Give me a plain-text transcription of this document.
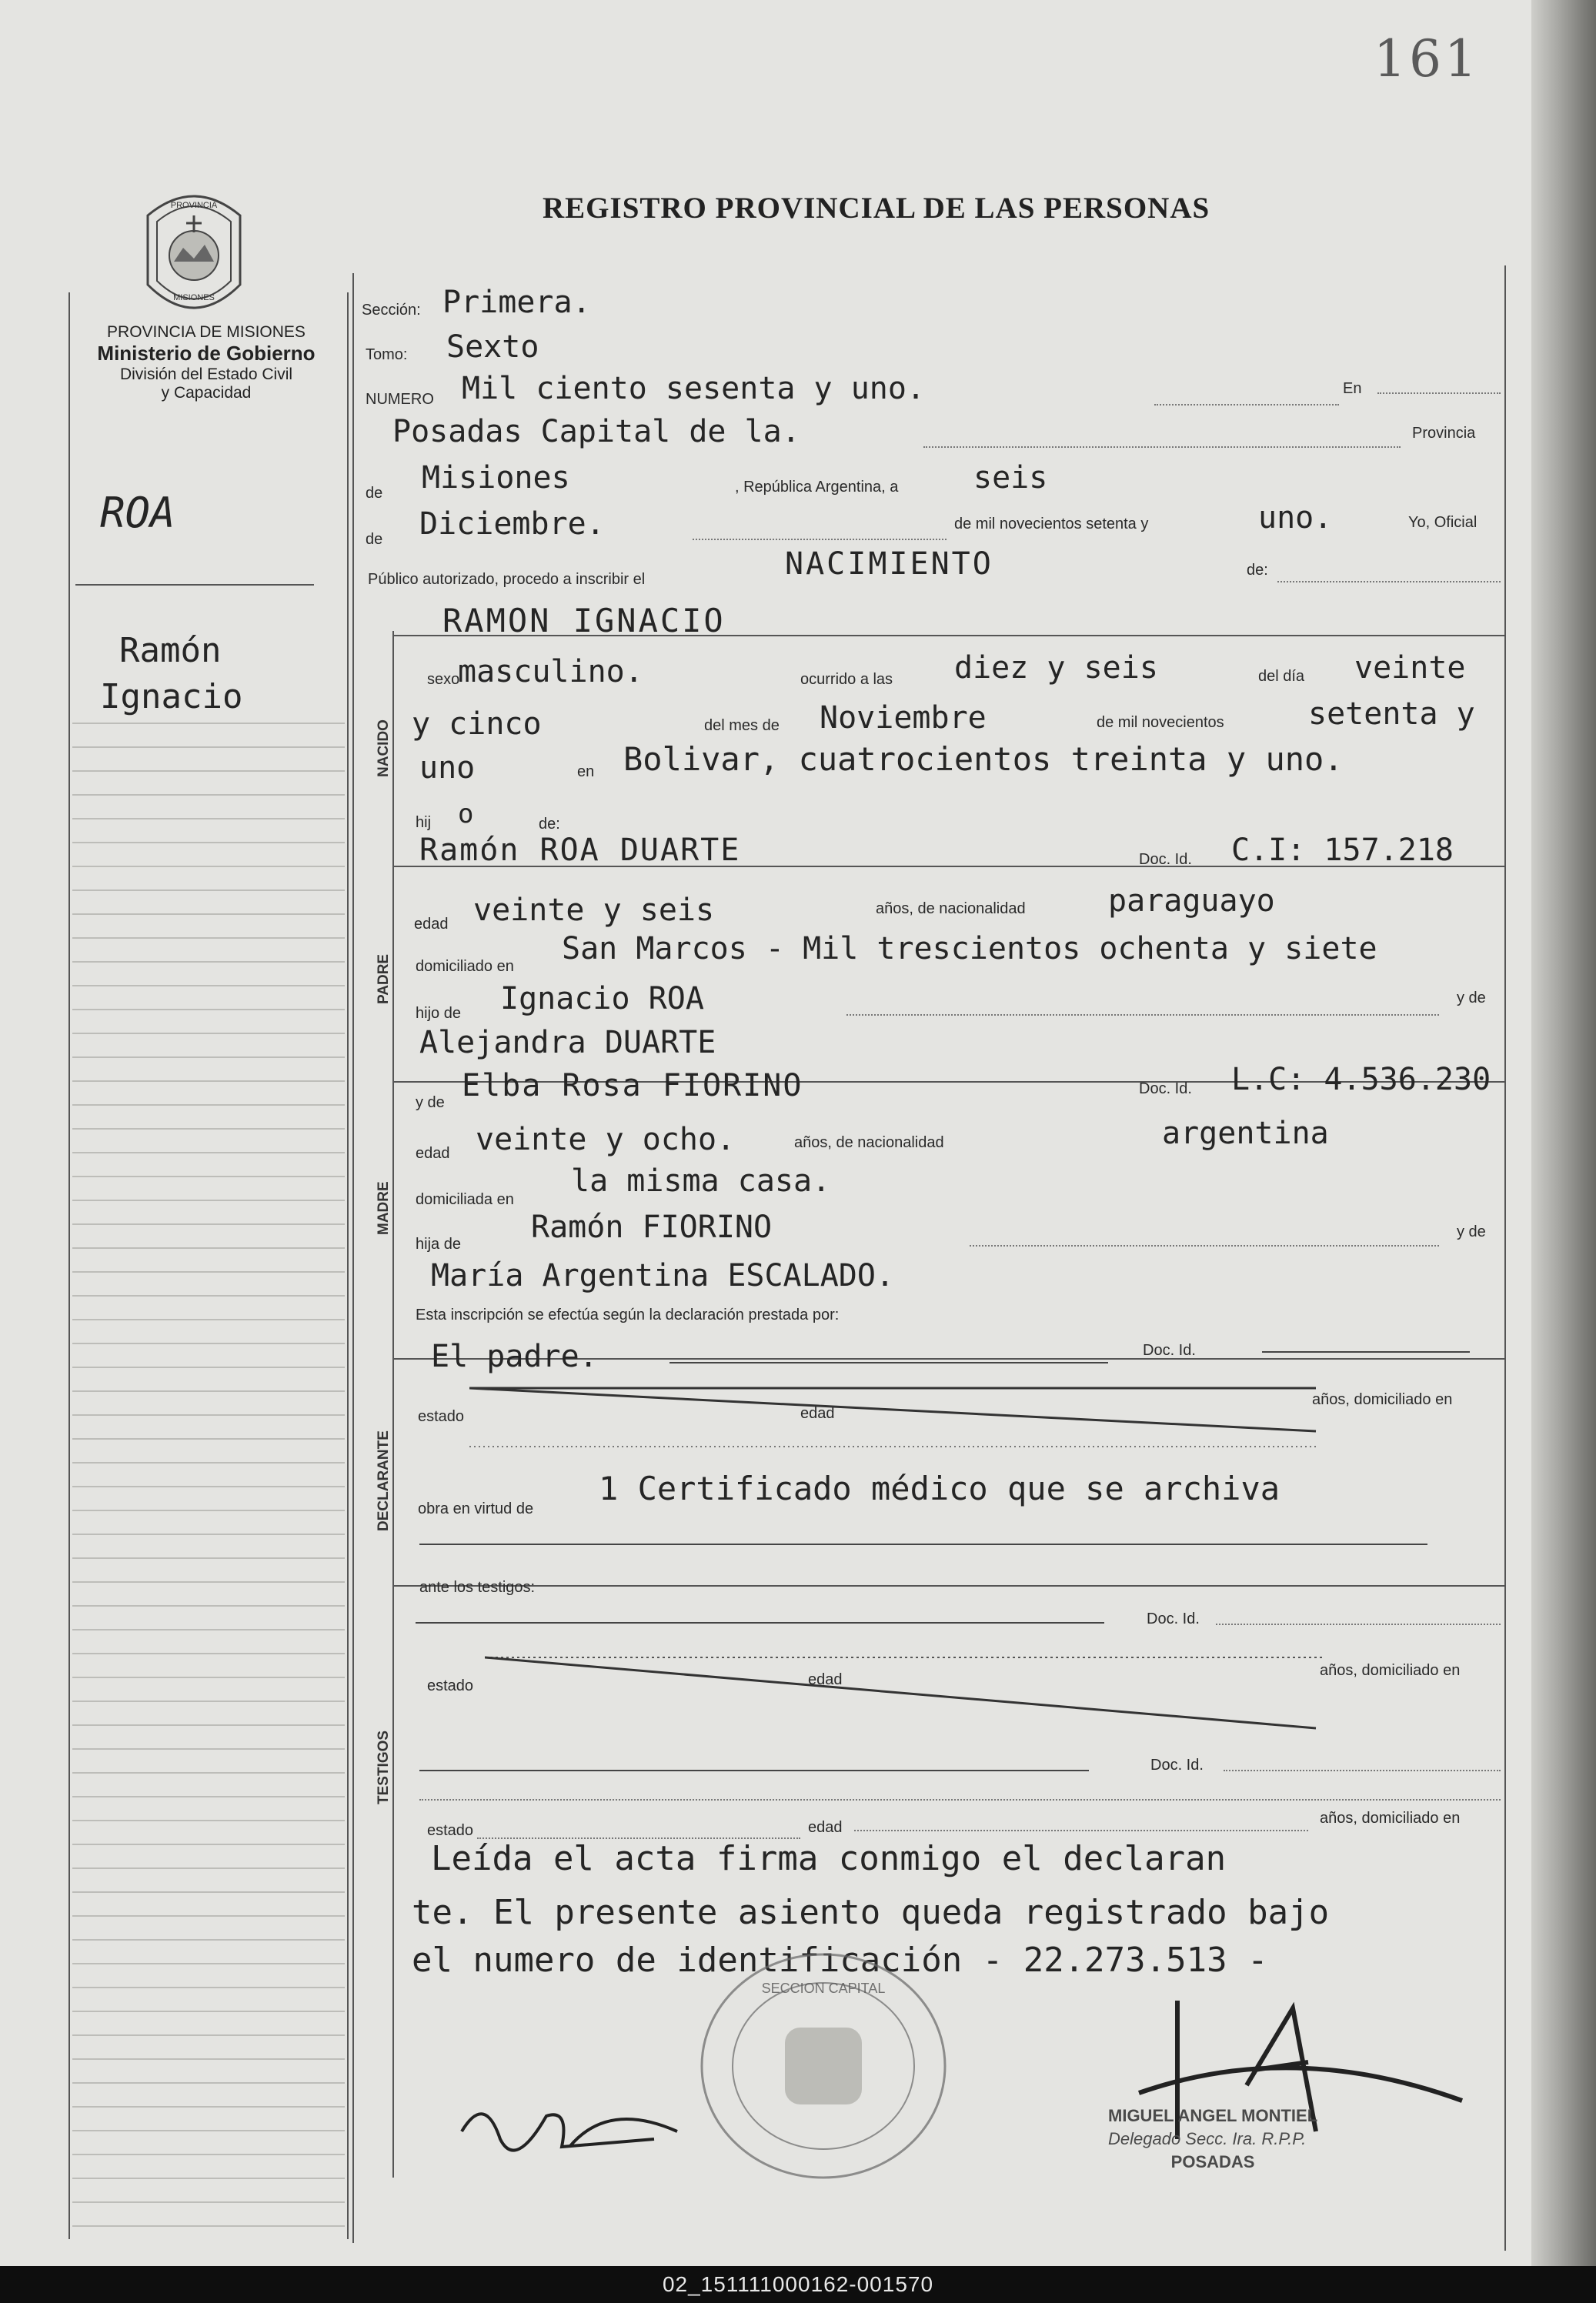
161
REGISTRO PROVINCIAL DE LAS PERSONAS
PROVINCIA
MISIONES
PROVINCIA DE MISIONES
Ministerio de Gobierno
División del Estado Civil
y Capacidad
ROA
Ramón
Ignacio
NACIDO
PADRE
MADRE
DECLARANTE
TESTIGOS
Sección: Primera.
Tomo: Sexto
NUMERO Mil ciento sesenta y uno.	En
Posadas Capital de la.	Provincia
de Misiones	, República Argentina, a seis
de Diciembre.	de mil novecientos setenta y	uno.	Yo, Oficial
Público autorizado, procedo a inscribir el	NACIMIENTO	de:
RAMON IGNACIO
sexo
masculino.	ocurrido a las diez y seis	del día veinte
y cinco	del mes de Noviembre	de mil novecientos	setenta y
uno	en Bolivar, cuatrocientos treinta y uno.
hij o	de:
Ramón ROA DUARTE	Doc. Id. C.I: 157.218
edad veinte y seis	años, de nacionalidad	paraguayo
domiciliado en San Marcos - Mil trescientos ochenta y siete
hijo de Ignacio ROA	y de
Alejandra DUARTE
y de Elba Rosa FIORINO	Doc. Id. L.C: 4.536.230
edad veinte y ocho.	años, de nacionalidad	argentina
domiciliada en
la misma casa.
hija de Ramón FIORINO	y de
María Argentina ESCALADO.
Esta inscripción se efectúa según la declaración prestada por:
El padre.	Doc. Id.
estado	edad
años, domiciliado en
obra en virtud de
1 Certificado médico que se archiva
ante los testigos:
Doc. Id.
estado	edad
años, domiciliado en
Doc. Id.
estado	edad
años, domiciliado en
Leída el acta firma conmigo el declaran
te. El presente asiento queda registrado bajo
el numero de identificación - 22.273.513 -
SECCION CAPITAL
MIGUEL ANGEL MONTIEL
Delegado Secc. Ira. R.P.P.
POSADAS
02_151111000162-001570
